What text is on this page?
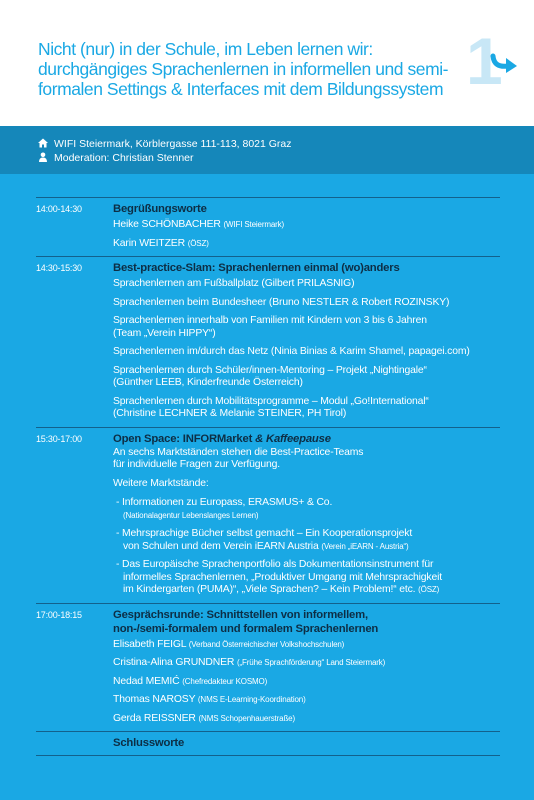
Nicht (nur) in der Schule, im Leben lernen wir:
durchgängiges Sprachenlernen in informellen und semi-
formalen Settings & Interfaces mit dem Bildungssystem 1
WIFI Steiermark, Körblergasse 111-113, 8021 Graz
Moderation: Christian Stenner
14:00-14:30	Begrüßungsworte
Heike SCHÖNBACHER (WIFI Steiermark)
Karin WEITZER (ÖSZ)
14:30-15:30	Best-practice-Slam: Sprachenlernen einmal (wo)anders
Sprachenlernen am Fußballplatz (Gilbert PRILASNIG)
Sprachenlernen beim Bundesheer (Bruno NESTLER & Robert ROZINSKY)
Sprachenlernen innerhalb von Familien mit Kindern von 3 bis 6 Jahren
(Team „Verein HIPPY“)
Sprachenlernen im/durch das Netz (Ninia Binias & Karim Shamel, papagei.com)
Sprachenlernen durch Schüler/innen-Mentoring – Projekt „Nightingale“
(Günther LEEB, Kinderfreunde Österreich)
Sprachenlernen durch Mobilitätsprogramme – Modul „Go!International“
(Christine LECHNER & Melanie STEINER, PH Tirol)
15:30-17:00	Open Space: INFORMarket & Kaffeepause
An sechs Marktständen stehen die Best-Practice-Teams
für individuelle Fragen zur Verfügung.
Weitere Marktstände:
- Informationen zu Europass, ERASMUS+ & Co.
(Nationalagentur Lebenslanges Lernen)
- Mehrsprachige Bücher selbst gemacht – Ein Kooperationsprojekt
von Schulen und dem Verein iEARN Austria (Verein „iEARN - Austria“)
- Das Europäische Sprachenportfolio als Dokumentationsinstrument für
informelles Sprachenlernen, „Produktiver Umgang mit Mehrsprachigkeit
im Kindergarten (PUMA)“, „Viele Sprachen? – Kein Problem!“ etc. (ÖSZ)
17:00-18:15	Gesprächsrunde: Schnittstellen von informellem,
non-/semi-formalem und formalem Sprachenlernen
Elisabeth FEIGL (Verband Österreichischer Volkshochschulen)
Cristina-Alina GRUNDNER („Frühe Sprachförderung“ Land Steiermark)
Nedad MEMIĆ (Chefredakteur KOSMO)
Thomas NAROSY (NMS E-Learning-Koordination)
Gerda REISSNER (NMS Schopenhauerstraße)
Schlussworte
